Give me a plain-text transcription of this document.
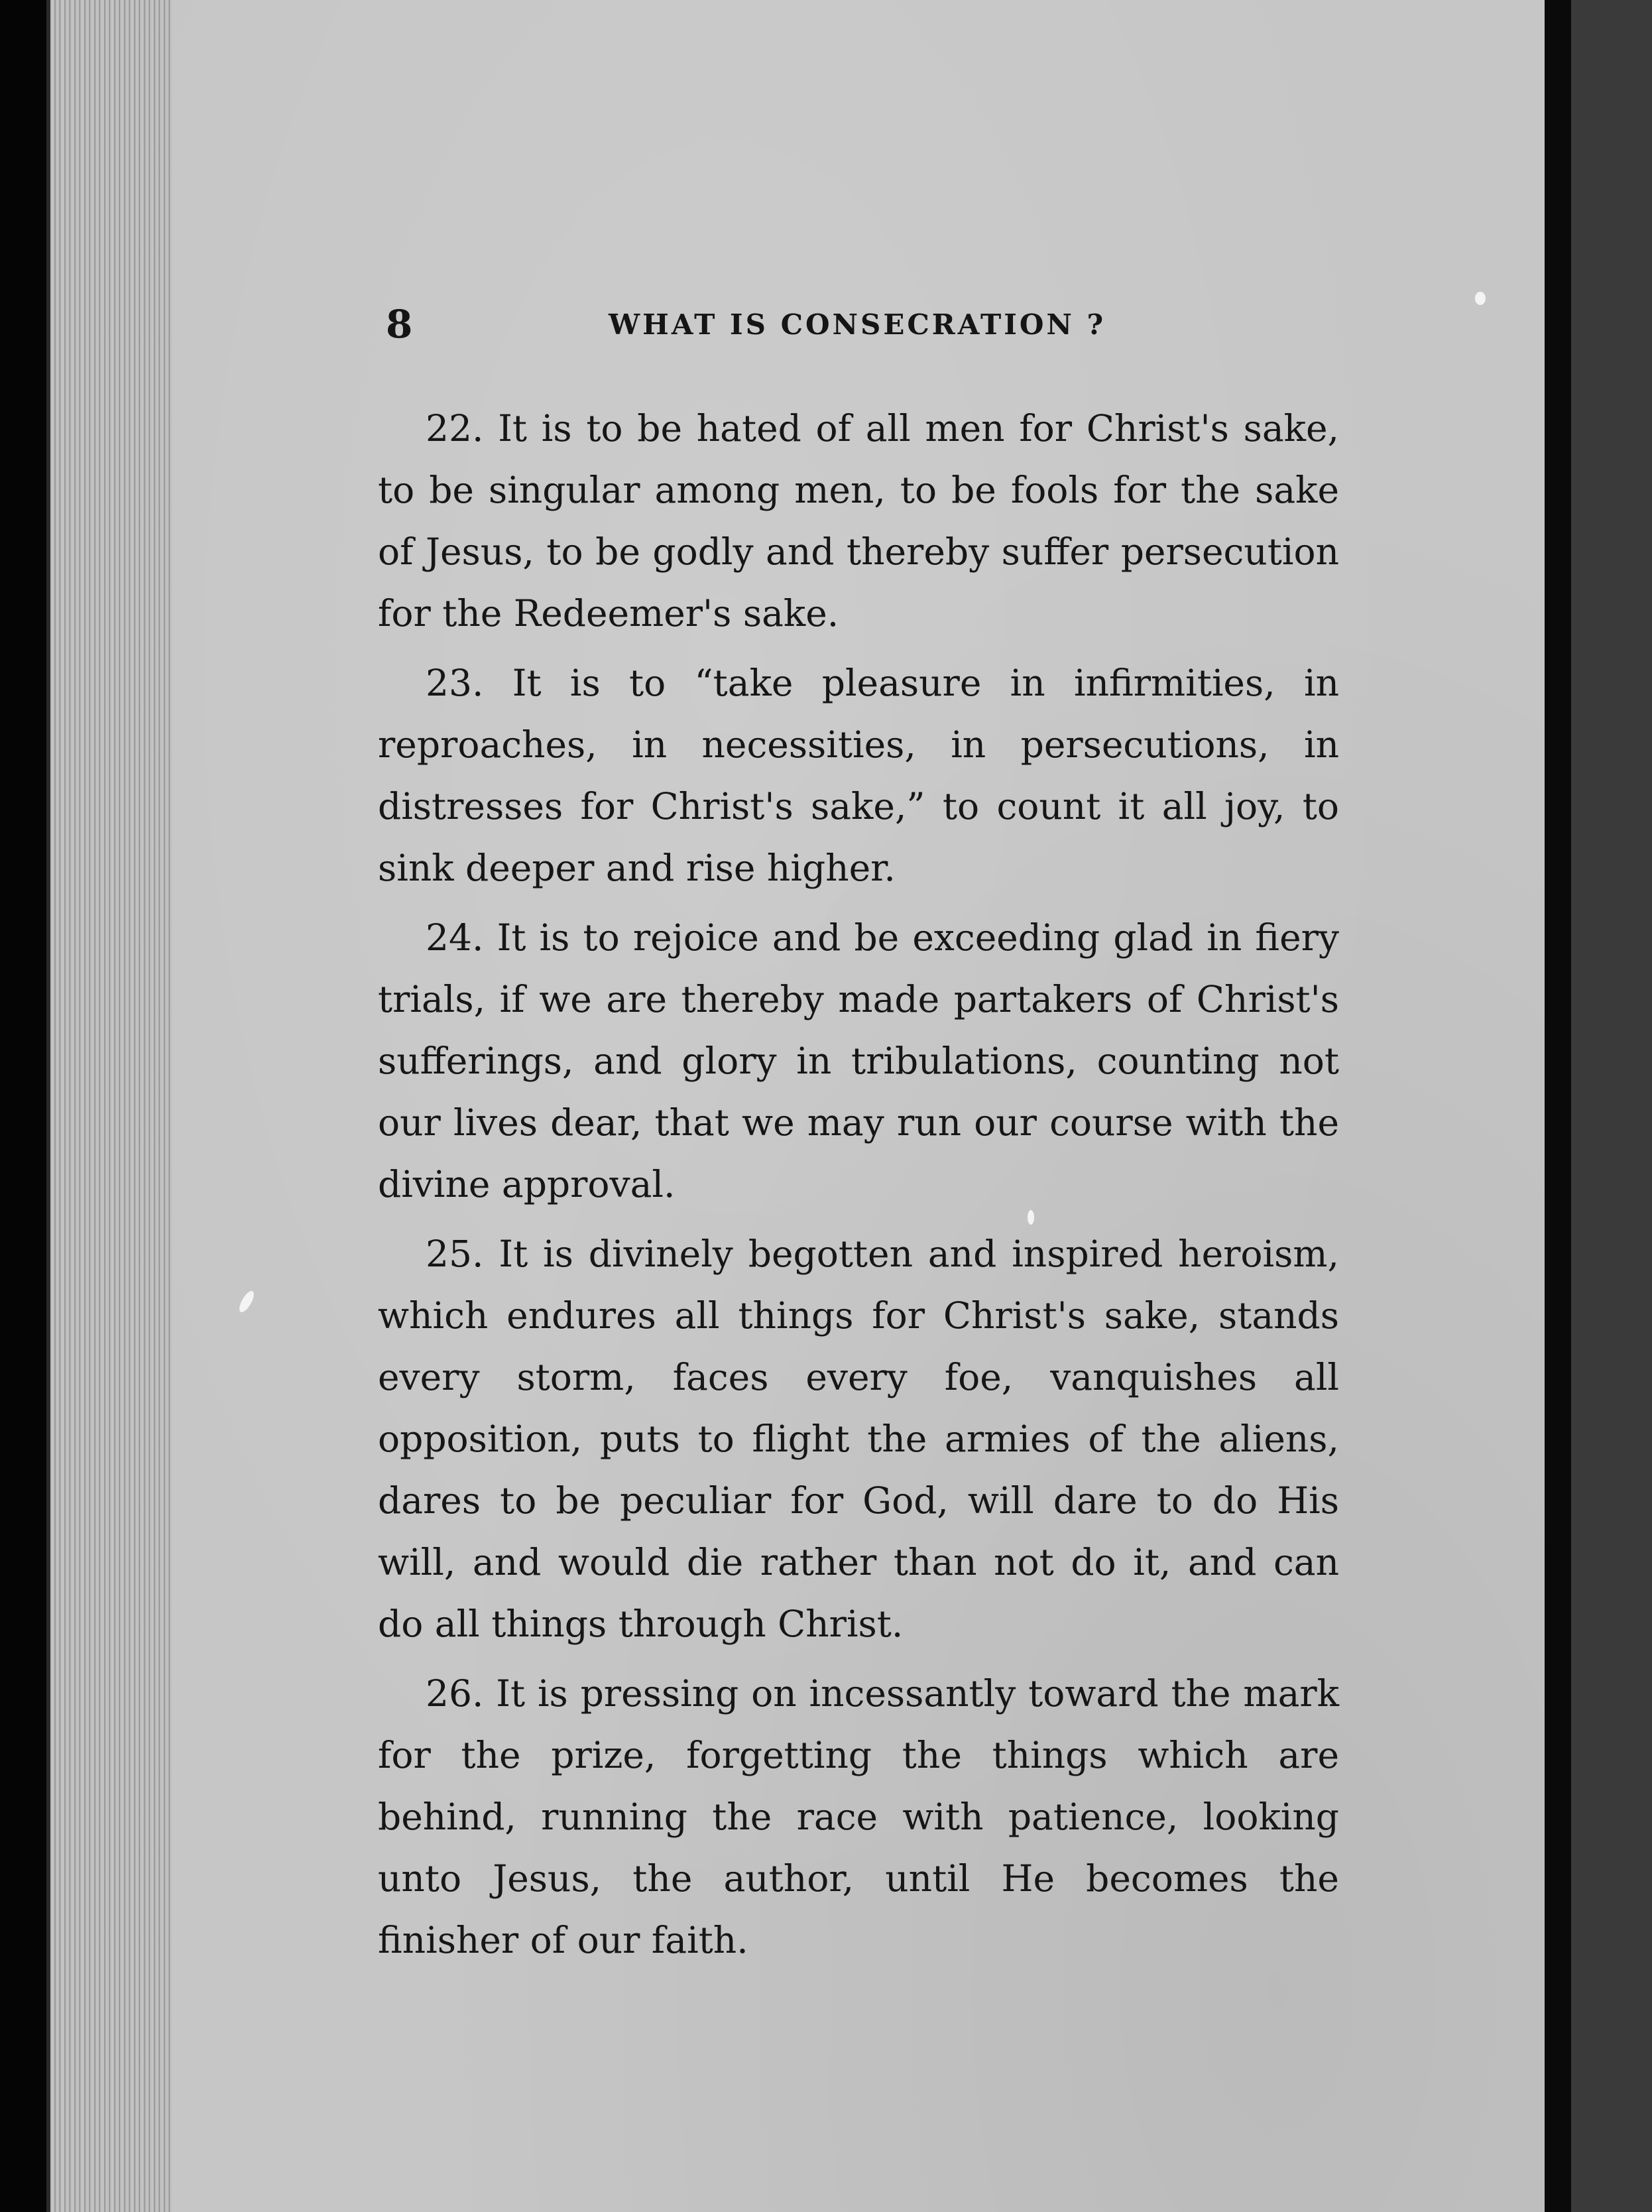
8	WHAT IS CONSECRATION ?

22. It is to be hated of all men for Christ's sake, to be singular among men, to be fools for the sake of Jesus, to be godly and thereby suffer persecution for the Redeemer's sake.

23. It is to “take pleasure in infirmities, in reproaches, in necessities, in persecutions, in distresses for Christ's sake,” to count it all joy, to sink deeper and rise higher.

24. It is to rejoice and be exceeding glad in fiery trials, if we are thereby made partakers of Christ's sufferings, and glory in tribulations, counting not our lives dear, that we may run our course with the divine approval.

25. It is divinely begotten and inspired heroism, which endures all things for Christ's sake, stands every storm, faces every foe, vanquishes all opposition, puts to flight the armies of the aliens, dares to be peculiar for God, will dare to do His will, and would die rather than not do it, and can do all things through Christ.

26. It is pressing on incessantly toward the mark for the prize, forgetting the things which are behind, running the race with patience, looking unto Jesus, the author, until He becomes the finisher of our faith.
